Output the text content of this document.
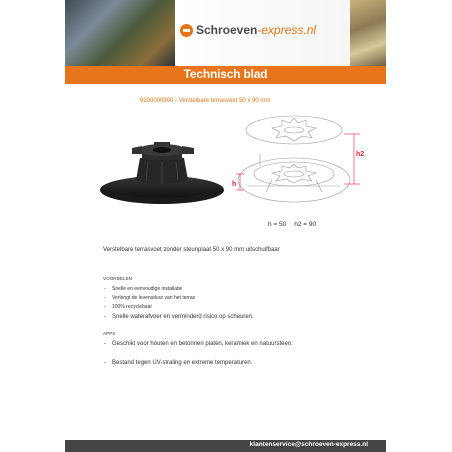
Schroeven-express.nl
Technisch blad
9200000900 - Verstelbare terrasvoet 50 x 90 mm
h2
h
h = 50 h2 = 90
Verstelbare terrasvoet zonder steunplaat 50 x 90 mm uitschuifbaar
VOORDELEN
- Snelle en eenvoudige installatie
- Verlengt de levensduur van het terras
- 100% recyclebaar
- Snelle waterafvoer en verminderd risico op scheuren.
APPS
- Geschikt voor houten en betonnen platen, keramiek en natuursteen.
- Bestand tegen UV-straling en extreme temperaturen.
klantenservice@schroeven-express.nl
